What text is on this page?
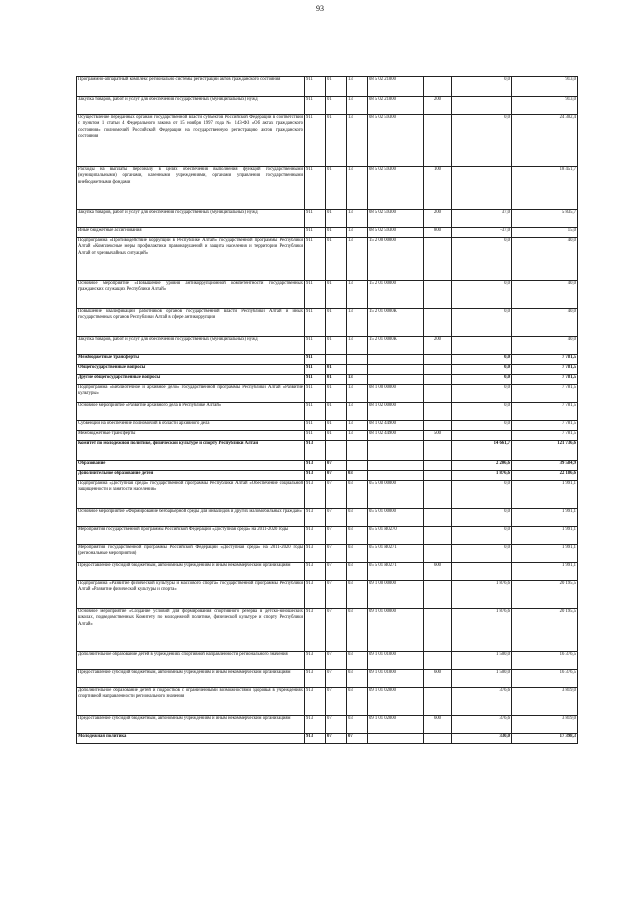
93
Программно-аппаратный комплекс регионально системы регистрации актов гражданского состояния	911	01	13	08 5 02 21000		0,0	913,0
Закупка товаров, работ и услуг для обеспечения государственных (муниципальных) нужд	911	01	13	08 5 02 21000	200		913,0
Осуществление переданных органам государственной власти субъектов Российской Федерации в соответствии с пунктом 1 статьи 4 Федерального закона от 15 ноября 1997 года № 143-ФЗ «Об актах гражданского состояния» полномочий Российской Федерации на государственную регистрацию актов гражданского состояния	911	01	13	08 5 02 59300		0,0	24 302,4
Расходы на выплаты персоналу в целях обеспечения выполнения функций государственными (муниципальными) органами, казенными учреждениями, органами управления государственными внебюджетными фондами	911	01	13	08 5 02 59300	100		18 451,7
Закупка товаров, работ и услуг для обеспечения государственных (муниципальных) нужд	911	01	13	08 5 02 59300	200	37,0	5 835,7
Иные бюджетные ассигнования	911	01	13	08 5 02 59300	800	-37,0	15,0
Подпрограмма «Противодействие коррупции в Республике Алтай» государственной программы Республики Алтай «Комплексные меры профилактики правонарушений и защита населения и территории Республики Алтай от чрезвычайных ситуаций»	911	01	13	15 2 00 00000		0,0	40,0
Основное мероприятие «Повышение уровня антикоррупционной компетентности государственных гражданских служащих Республики Алтай»	911	01	13	15 2 01 00000		0,0	40,0
Повышение квалификации работников органов государственной власти Республики Алтай и иных государственных органов Республики Алтай в сфере антикоррупции	911	01	13	15 2 01 0000К		0,0	40,0
Закупка товаров, работ и услуг для обеспечения государственных (муниципальных) нужд	911	01	13	15 2 01 0000К	200		40,0
Межбюджетные трансферты	911					0,0	7 781,5
Общегосударственные вопросы	911	01				0,0	7 781,5
Другие общегосударственные вопросы	911	01	13			0,0	7 781,5
Подпрограмма «Библиотечное и архивное дело» государственной программы Республики Алтай «Развитие культуры»	911	01	13	08 1 00 00000		0,0	7 781,5
Основное мероприятие «Развитие архивного дела в Республике Алтай»	911	01	13	08 1 02 00000		0,0	7 781,5
Субвенции на обеспечение полномочий в области архивного дела	911	01	13	08 1 02 44900		0,0	7 781,5
Межбюджетные трансферты	911	01	13	08 1 02 44900	500		7 781,5
Комитет по молодежной политике, физической культуре и спорту Республики Алтай	913					14 661,7	121 736,6
Образование	913	07				2 206,6	39 584,9
Дополнительное образование детей	913	07	03			1 876,6	22 186,6
Подпрограмма «Доступная среда» государственной программы Республики Алтай «Обеспечение социальной защищенности и занятости населения»	913	07	03	05 5 00 00000		0,0	1 991,1
Основное мероприятие «Формирование безбарьерной среды для инвалидов и других маломобильных граждан»	913	07	03	05 5 01 00000		0,0	1 991,1
Мероприятия государственной программы Российской Федерации «Доступная среда» на 2011-2020 годы	913	07	03	05 5 01 R0270		0,0	1 991,1
Мероприятия государственной программы Российской Федерации «Доступная среда» на 2011-2020 годы (региональные мероприятия)	913	07	03	05 5 01 R0271		0,0	1 991,1
Предоставление субсидий бюджетным, автономным учреждениям и иным некоммерческим организациям	913	07	03	05 5 01 R0271	600		1 991,1
Подпрограмма «Развитие физической культуры и массового спорта» государственной программы Республики Алтай «Развитие физической культуры и спорта»	913	07	03	09 1 00 00000		1 876,6	20 195,5
Основное мероприятие «Создание условий для формирования спортивного резерва в детско-юношеских школах, подведомственных Комитету по молодежной политике, физической культуре и спорту Республики Алтай»	913	07	03	09 1 01 00000		1 876,6	20 195,5
Дополнительное образование детей в учреждениях спортивной направленности регионального значения	913	07	03	09 1 01 01000		1 500,0	16 376,5
Предоставление субсидий бюджетным, автономным учреждениям и иным некоммерческим организациям	913	07	03	09 1 01 01000	600	1 500,0	16 376,5
Дополнительное образование детей и подростков с ограниченными возможностями здоровья в учреждениях спортивной направленности регионального значения	913	07	03	09 1 01 02000		376,6	3 819,0
Предоставление субсидий бюджетным, автономным учреждениям и иным некоммерческим организациям	913	07	03	09 1 01 02000	600	376,6	3 819,0
Молодежная политика	913	07	07			330,0	17 398,3
